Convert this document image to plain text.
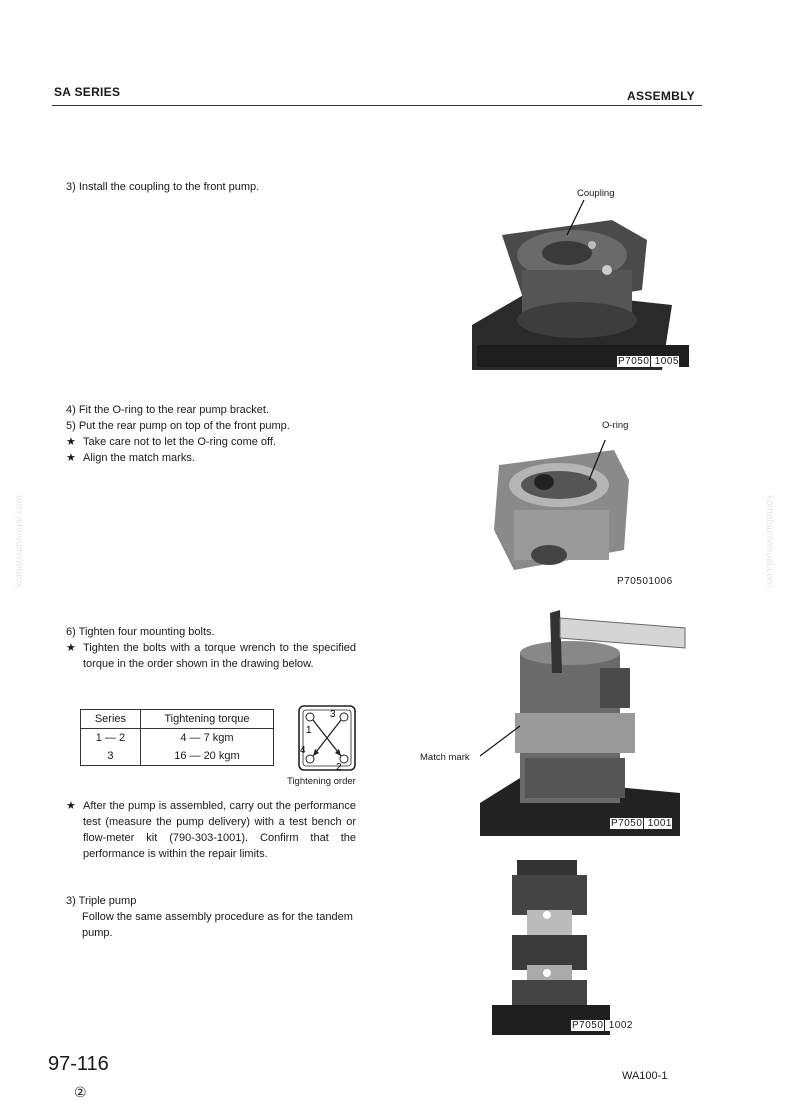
SA SERIES	ASSEMBLY
komatsumanual.com	komatsumanual.com
3) Install the coupling to the front pump.
4) Fit the O-ring to the rear pump bracket.
5) Put the rear pump on top of the front pump.
★ Take care not to let the O-ring come off.
★ Align the match marks.
6) Tighten four mounting bolts.
★ Tighten the bolts with a torque wrench to the specified torque in the order shown in the drawing below.
Series	Tightening torque
1 — 2	4 — 7 kgm
3	16 — 20 kgm
1
2
3
4
Tightening order
★ After the pump is assembled, carry out the performance test (measure the pump delivery) with a test bench or flow-meter kit (790-303-1001). Confirm that the performance is within the repair limits.
3) Triple pump
Follow the same assembly procedure as for the tandem pump.
Coupling
P7050 1005
O-ring
P70501006
Match mark
P7050 1001
P7050 1002
97-116
②
WA100-1
